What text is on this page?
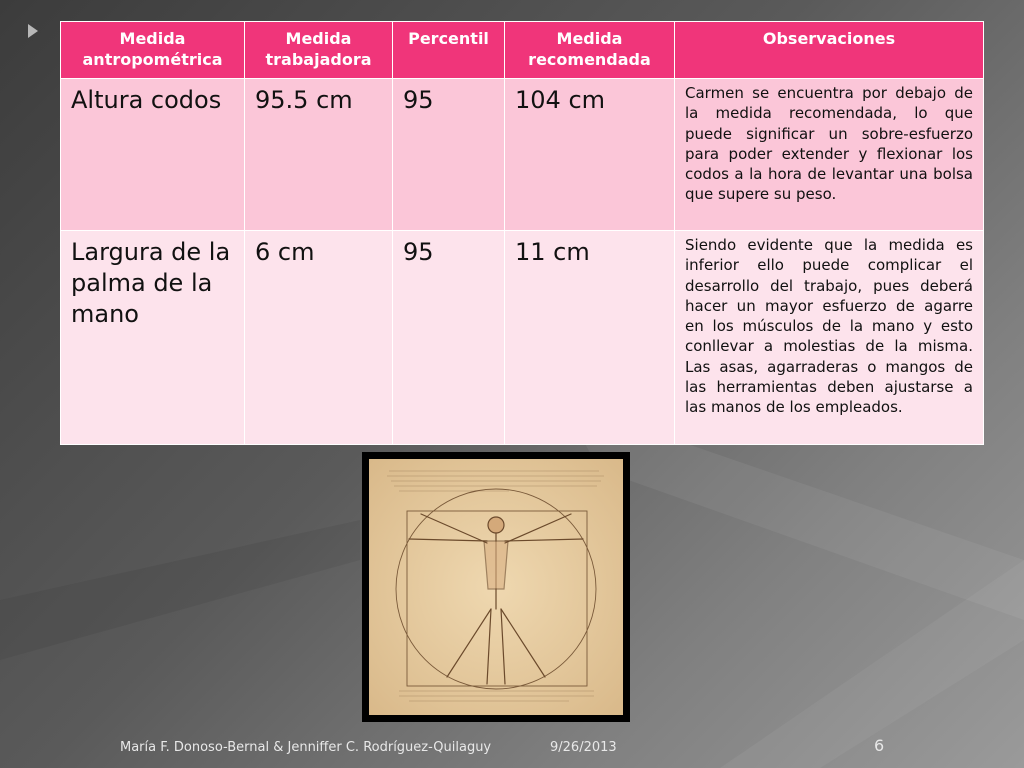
Medida antropométrica	Medida trabajadora	Percentil	Medida recomendada	Observaciones
Altura codos	95.5 cm	95	104 cm	Carmen se encuentra por debajo de la medida recomendada, lo que puede significar un sobre-esfuerzo para poder extender y flexionar los codos a la hora de levantar una bolsa que supere su peso.
Largura de la palma de la mano	6 cm	95	11 cm	Siendo evidente que la medida es inferior ello puede complicar el desarrollo del trabajo, pues deberá hacer un mayor esfuerzo de agarre en los músculos de la mano y esto conllevar a molestias de la misma. Las asas, agarraderas o mangos de las herramientas deben ajustarse a las manos de los empleados.
María F. Donoso-Bernal & Jenniffer C. Rodríguez-Quilaguy	9/26/2013	6
